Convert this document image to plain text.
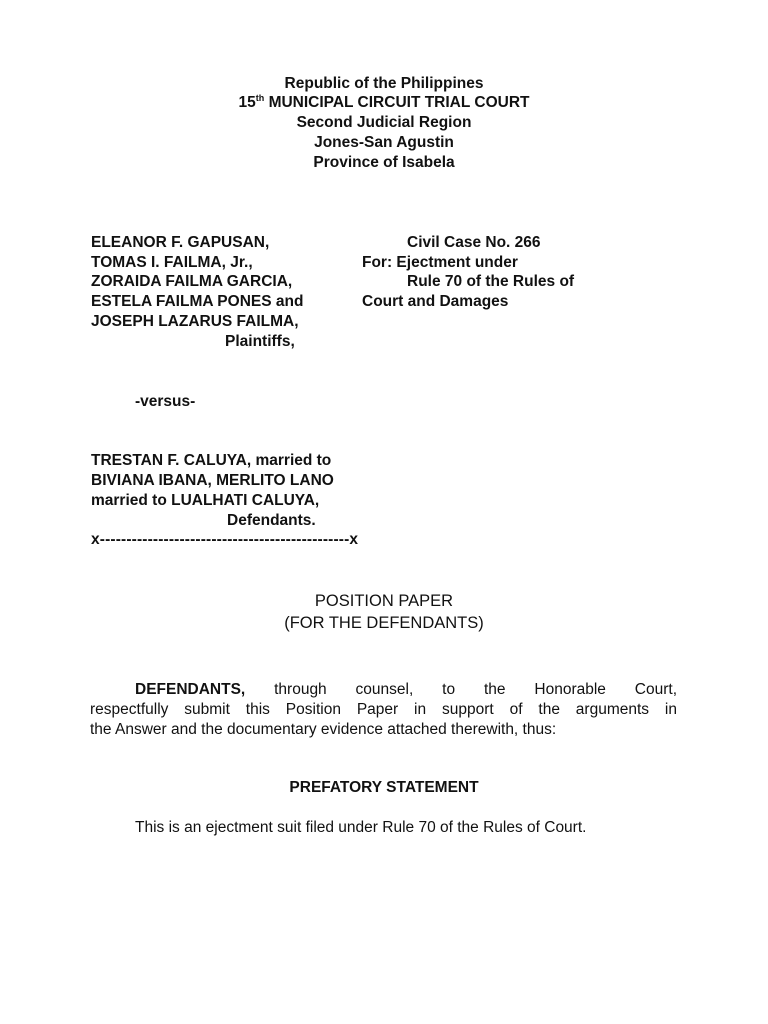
Republic of the Philippines
15th MUNICIPAL CIRCUIT TRIAL COURT
Second Judicial Region
Jones-San Agustin
Province of Isabela
ELEANOR F. GAPUSAN,
TOMAS I. FAILMA, Jr.,
ZORAIDA FAILMA GARCIA,
ESTELA FAILMA PONES and
JOSEPH LAZARUS FAILMA,
Plaintiffs,
Civil Case No. 266
For: Ejectment under
Rule 70 of the Rules of
Court and Damages
-versus-
TRESTAN F. CALUYA, married to
BIVIANA IBANA, MERLITO LANO
married to LUALHATI CALUYA,
Defendants.
x-----------------------------------------------x
POSITION PAPER
(FOR THE DEFENDANTS)
DEFENDANTS, through counsel, to the Honorable Court,
respectfully submit this Position Paper in support of the arguments in
the Answer and the documentary evidence attached therewith, thus:
PREFATORY STATEMENT
This is an ejectment suit filed under Rule 70 of the Rules of Court.
